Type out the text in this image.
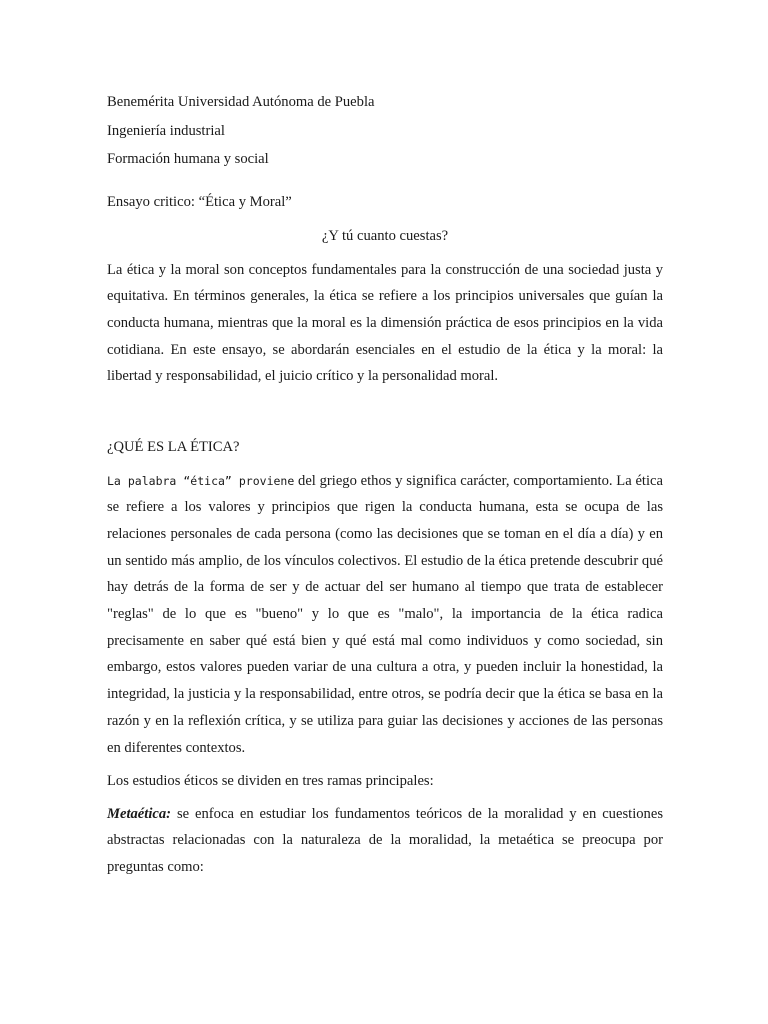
Benemérita Universidad Autónoma de Puebla

Ingeniería industrial

Formación humana y social

Ensayo critico: “Ética y Moral”

¿Y tú cuanto cuestas?

La ética y la moral son conceptos fundamentales para la construcción de una sociedad justa y equitativa. En términos generales, la ética se refiere a los principios universales que guían la conducta humana, mientras que la moral es la dimensión práctica de esos principios en la vida cotidiana. En este ensayo, se abordarán esenciales en el estudio de la ética y la moral: la libertad y responsabilidad, el juicio crítico y la personalidad moral.

¿QUÉ ES LA ÉTICA?

La palabra “ética” proviene del griego ethos y significa carácter, comportamiento. La ética se refiere a los valores y principios que rigen la conducta humana, esta se ocupa de las relaciones personales de cada persona (como las decisiones que se toman en el día a día) y en un sentido más amplio, de los vínculos colectivos. El estudio de la ética pretende descubrir qué hay detrás de la forma de ser y de actuar del ser humano al tiempo que trata de establecer "reglas" de lo que es "bueno" y lo que es "malo", la importancia de la ética radica precisamente en saber qué está bien y qué está mal como individuos y como sociedad, sin embargo, estos valores pueden variar de una cultura a otra, y pueden incluir la honestidad, la integridad, la justicia y la responsabilidad, entre otros, se podría decir que la ética se basa en la razón y en la reflexión crítica, y se utiliza para guiar las decisiones y acciones de las personas en diferentes contextos.

Los estudios éticos se dividen en tres ramas principales:

Metaética: se enfoca en estudiar los fundamentos teóricos de la moralidad y en cuestiones abstractas relacionadas con la naturaleza de la moralidad, la metaética se preocupa por preguntas como:
